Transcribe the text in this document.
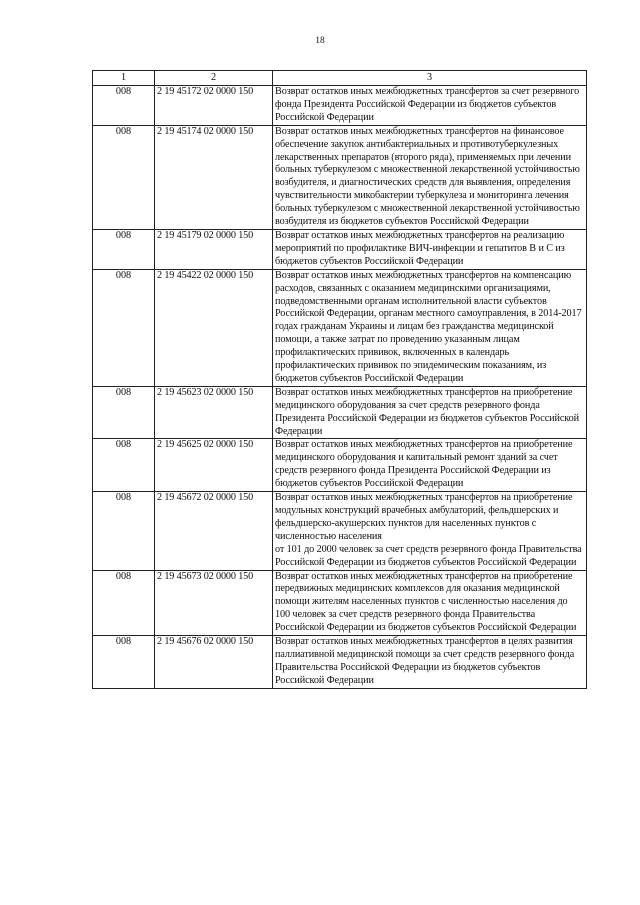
18
1	2	3
008	2 19 45172 02 0000 150	Возврат остатков иных межбюджетных трансфертов за счет резервного фонда Президента Российской Федерации из бюджетов субъектов Российской Федерации
008	2 19 45174 02 0000 150	Возврат остатков иных межбюджетных трансфертов на финансовое обеспечение закупок антибактериальных и противотуберкулезных лекарственных препаратов (второго ряда), применяемых при лечении больных туберкулезом с множественной лекарственной устойчивостью возбудителя, и диагностических средств для выявления, определения чувствительности микобактерии туберкулеза и мониторинга лечения больных туберкулезом с множественной лекарственной устойчивостью возбудителя из бюджетов субъектов Российской Федерации
008	2 19 45179 02 0000 150	Возврат остатков иных межбюджетных трансфертов на реализацию мероприятий по профилактике ВИЧ-инфекции и гепатитов B и C из бюджетов субъектов Российской Федерации
008	2 19 45422 02 0000 150	Возврат остатков иных межбюджетных трансфертов на компенсацию расходов, связанных с оказанием медицинскими организациями, подведомственными органам исполнительной власти субъектов Российской Федерации, органам местного самоуправления, в 2014-2017 годах гражданам Украины и лицам без гражданства медицинской помощи, а также затрат по проведению указанным лицам профилактических прививок, включенных в календарь профилактических прививок по эпидемическим показаниям, из бюджетов субъектов Российской Федерации
008	2 19 45623 02 0000 150	Возврат остатков иных межбюджетных трансфертов на приобретение медицинского оборудования за счет средств резервного фонда Президента Российской Федерации из бюджетов субъектов Российской Федерации
008	2 19 45625 02 0000 150	Возврат остатков иных межбюджетных трансфертов на приобретение медицинского оборудования и капитальный ремонт зданий за счет средств резервного фонда Президента Российской Федерации из бюджетов субъектов Российской Федерации
008	2 19 45672 02 0000 150	Возврат остатков иных межбюджетных трансфертов на приобретение модульных конструкций врачебных амбулаторий, фельдшерских и фельдшерско-акушерских пунктов для населенных пунктов с численностью населения
от 101 до 2000 человек за счет средств резервного фонда Правительства Российской Федерации из бюджетов субъектов Российской Федерации
008	2 19 45673 02 0000 150	Возврат остатков иных межбюджетных трансфертов на приобретение передвижных медицинских комплексов для оказания медицинской помощи жителям населенных пунктов с численностью населения до 100 человек за счет средств резервного фонда Правительства Российской Федерации из бюджетов субъектов Российской Федерации
008	2 19 45676 02 0000 150	Возврат остатков иных межбюджетных трансфертов в целях развития паллиативной медицинской помощи за счет средств резервного фонда Правительства Российской Федерации из бюджетов субъектов Российской Федерации
